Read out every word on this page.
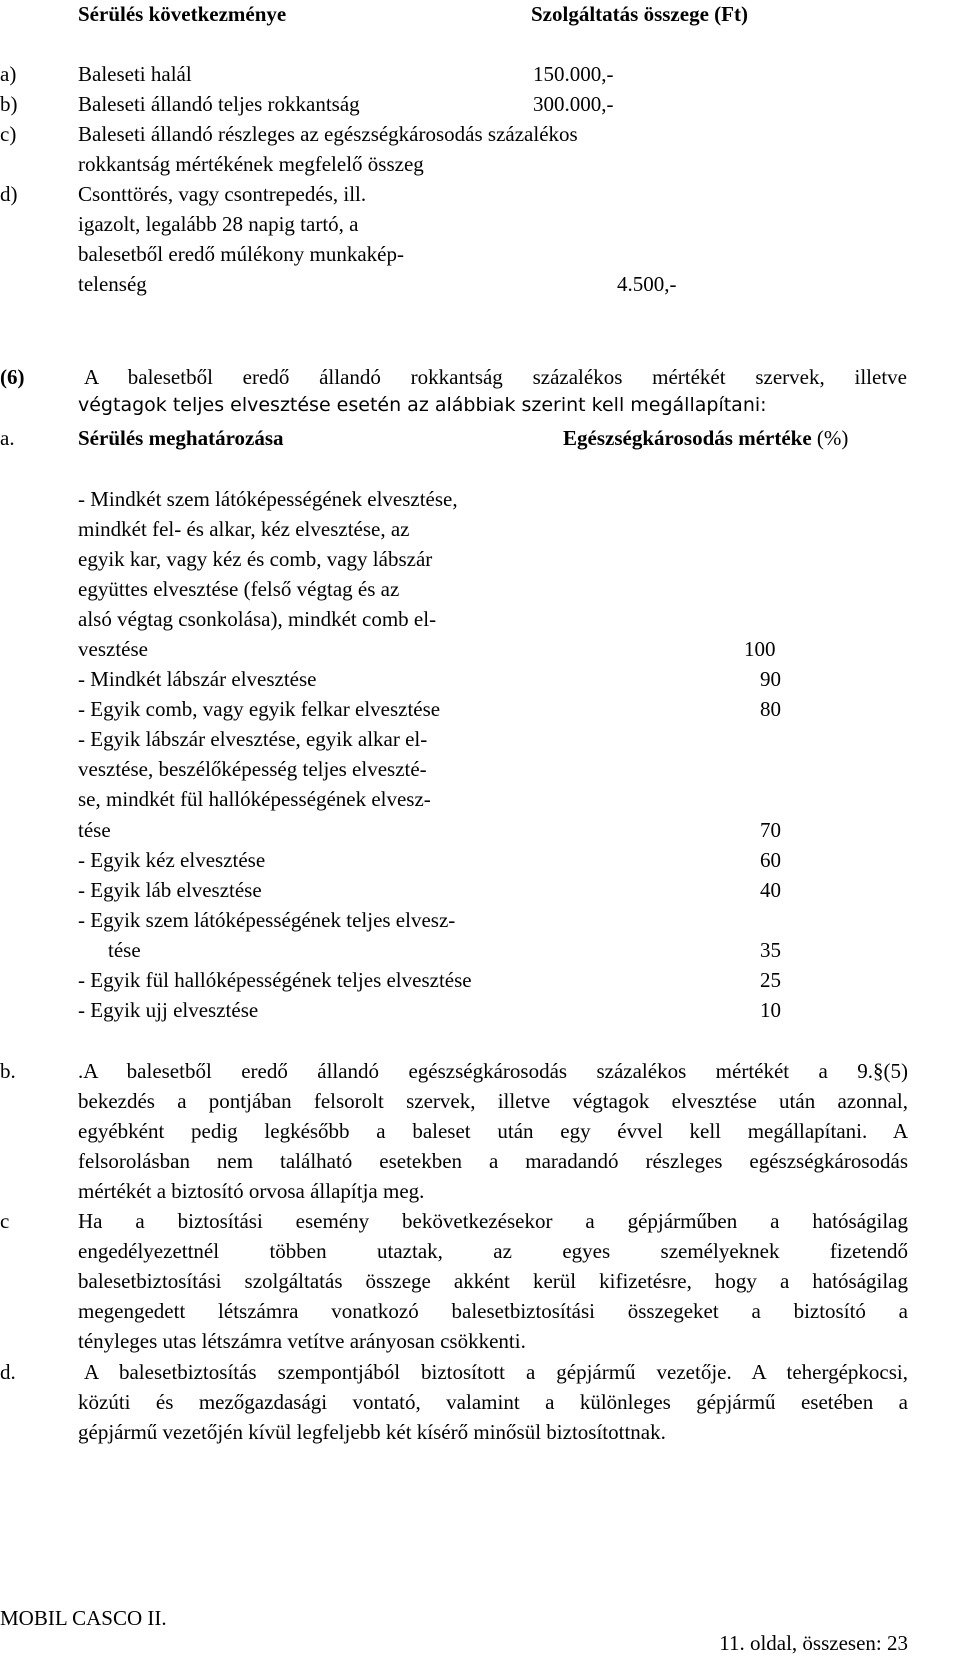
Sérülés következménye	Szolgáltatás összege (Ft)
a)	Baleseti halál	150.000,-
b)	Baleseti állandó teljes rokkantság	300.000,-
c)	Baleseti állandó részleges az egészségkárosodás százalékos
rokkantság mértékének megfelelő összeg
d)	Csonttörés, vagy csontrepedés, ill.
igazolt, legalább 28 napig tartó, a
balesetből eredő múlékony munkakép-
telenség	4.500,-
(6)	A balesetből eredő állandó rokkantság százalékos mértékét szervek, illetve
végtagok teljes elvesztése esetén az alábbiak szerint kell megállapítani:
a.	Sérülés meghatározása	Egészségkárosodás mértéke (%)
- Mindkét szem látóképességének elvesztése,
mindkét fel- és alkar, kéz elvesztése, az
egyik kar, vagy kéz és comb, vagy lábszár
együttes elvesztése (felső végtag és az
alsó végtag csonkolása), mindkét comb el-
vesztése	100
- Mindkét lábszár elvesztése	90
- Egyik comb, vagy egyik felkar elvesztése	80
- Egyik lábszár elvesztése, egyik alkar el-
vesztése, beszélőképesség teljes elveszté-
se, mindkét fül hallóképességének elvesz-
tése	70
- Egyik kéz elvesztése	60
- Egyik láb elvesztése	40
- Egyik szem látóképességének teljes elvesz-
tése	35
- Egyik fül hallóképességének teljes elvesztése	25
- Egyik ujj elvesztése	10
b.	.A balesetből eredő állandó egészségkárosodás százalékos mértékét a 9.§(5)
bekezdés a pontjában felsorolt szervek, illetve végtagok elvesztése után azonnal,
egyébként pedig legkésőbb a baleset után egy évvel kell megállapítani. A
felsorolásban nem található esetekben a maradandó részleges egészségkárosodás
mértékét a biztosító orvosa állapítja meg.
c	Ha a biztosítási esemény bekövetkezésekor a gépjárműben a hatóságilag
engedélyezettnél többen utaztak, az egyes személyeknek fizetendő
balesetbiztosítási szolgáltatás összege akként kerül kifizetésre, hogy a hatóságilag
megengedett létszámra vonatkozó balesetbiztosítási összegeket a biztosító a
tényleges utas létszámra vetítve arányosan csökkenti.
d.	A balesetbiztosítás szempontjából biztosított a gépjármű vezetője. A tehergépkocsi,
közúti és mezőgazdasági vontató, valamint a különleges gépjármű esetében a
gépjármű vezetőjén kívül legfeljebb két kísérő minősül biztosítottnak.
MOBIL CASCO II.
11. oldal, összesen: 23
